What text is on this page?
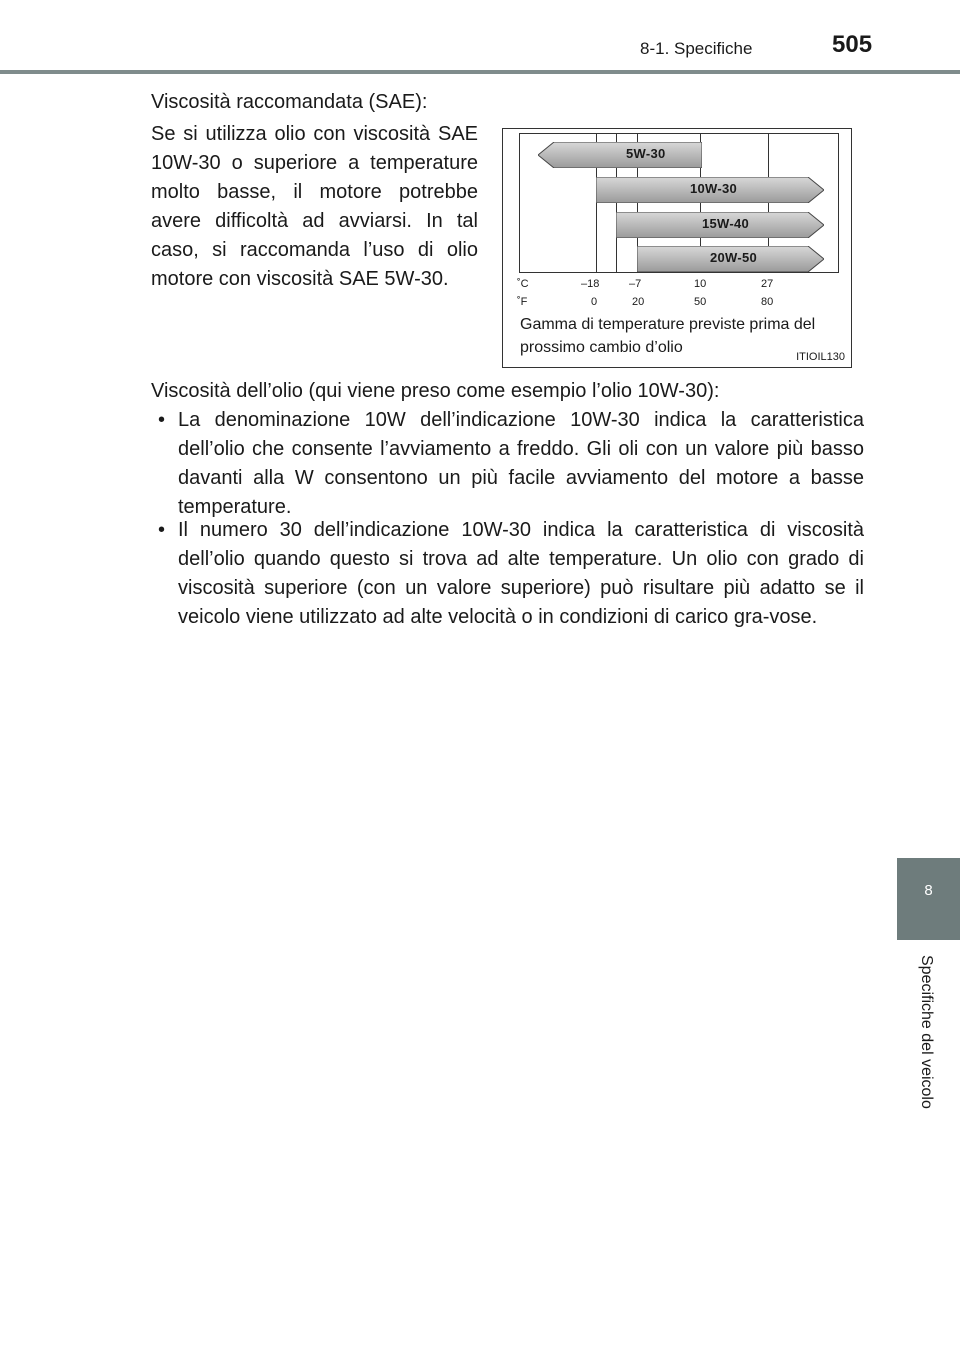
8-1. Specifiche	505
8
Specifiche del veicolo
Viscosità raccomandata (SAE):
Se si utilizza olio con viscosità SAE 10W-30 o superiore a temperature molto basse, il motore potrebbe avere difficoltà ad avviarsi. In tal caso, si raccomanda l’uso di olio motore con viscosità SAE 5W-30.
5W-30
10W-30
15W-40
20W-50
˚C	–18	–7	10	27
˚F	0	20	50	80
Gamma di temperature previste prima del prossimo cambio d’olio
ITIOIL130
Viscosità dell’olio (qui viene preso come esempio l’olio 10W-30):
• La denominazione 10W dell’indicazione 10W-30 indica la caratteristica dell’olio che consente l’avviamento a freddo. Gli oli con un valore più basso davanti alla W consentono un più facile avviamento del motore a basse temperature.
• Il numero 30 dell’indicazione 10W-30 indica la caratteristica di viscosità dell’olio quando questo si trova ad alte temperature. Un olio con grado di viscosità superiore (con un valore superiore) può risultare più adatto se il veicolo viene utilizzato ad alte velocità o in condizioni di carico gra-vose.
